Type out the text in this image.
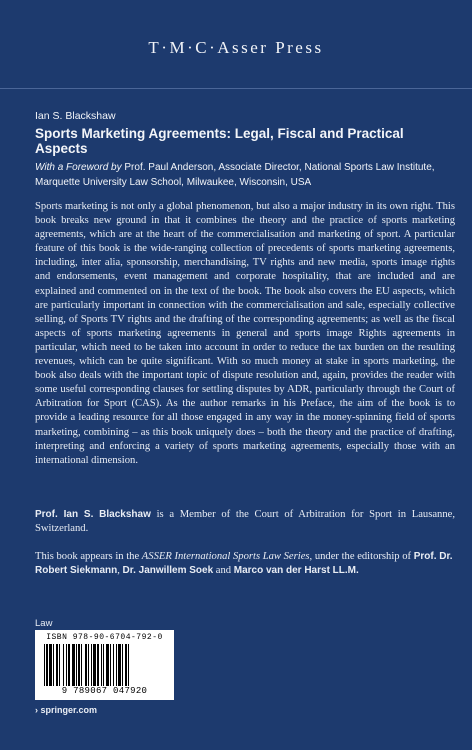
T·M·C·Asser Press
Ian S. Blackshaw
Sports Marketing Agreements: Legal, Fiscal and Practical Aspects
With a Foreword by Prof. Paul Anderson, Associate Director, National Sports Law Institute, Marquette University Law School, Milwaukee, Wisconsin, USA

Sports marketing is not only a global phenomenon, but also a major industry in its own right. This book breaks new ground in that it combines the theory and the practice of sports marketing agreements, which are at the heart of the commercialisation and marketing of sport. A particular feature of this book is the wide-ranging collection of precedents of sports marketing agreements, including, inter alia, sponsorship, merchandising, TV rights and new media, sports image rights and endorsements, event management and corporate hospitality, that are included and are explained and commented on in the text of the book. The book also covers the EU aspects, which are particularly important in connection with the commercialisation and sale, especially collective selling, of Sports TV rights and the drafting of the corresponding agreements; as well as the fiscal aspects of sports marketing agreements in general and sports image Rights agreements in particular, which need to be taken into account in order to reduce the tax burden on the resulting revenues, which can be quite significant. With so much money at stake in sports marketing, the book also deals with the important topic of dispute resolution and, again, provides the reader with some useful corresponding clauses for settling disputes by ADR, particularly through the Court of Arbitration for Sport (CAS). As the author remarks in his Preface, the aim of the book is to provide a leading resource for all those engaged in any way in the money-spinning field of sports marketing, combining – as this book uniquely does – both the theory and the practice of drafting, interpreting and enforcing a variety of sports marketing agreements, especially those with an international dimension.

Prof. Ian S. Blackshaw is a Member of the Court of Arbitration for Sport in Lausanne, Switzerland.

This book appears in the ASSER International Sports Law Series, under the editorship of Prof. Dr. Robert Siekmann, Dr. Janwillem Soek and Marco van der Harst LL.M.

Law
ISBN 978-90-6704-792-0
9 789067 047920
› springer.com
